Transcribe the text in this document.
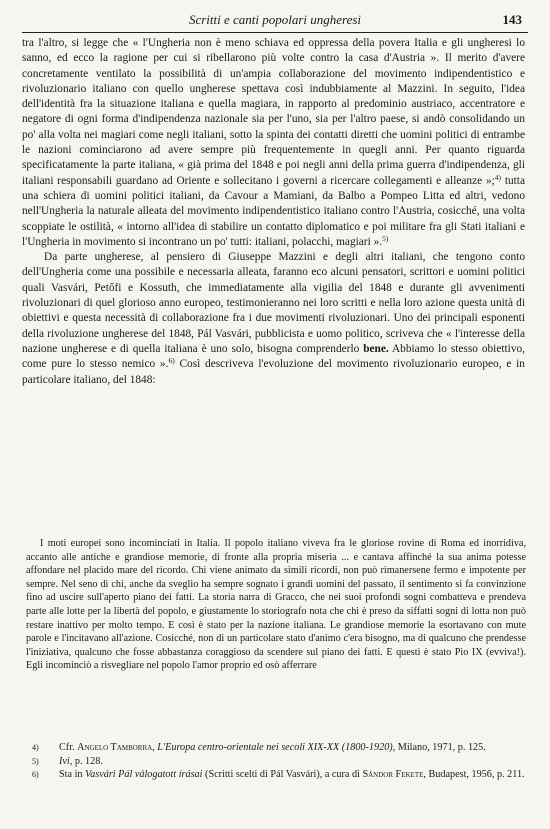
Scritti e canti popolari ungheresi	143

tra l'altro, si legge che « l'Ungheria non è meno schiava ed oppressa della povera Italia e gli ungheresi lo sanno, ed ecco la ragione per cui si ribellarono più volte contro la casa d'Austria ». Il merito d'avere concretamente ventilato la possibilità di un'ampia collaborazione del movimento indipendentistico e rivoluzionario italiano con quello ungherese spettava così indubbiamente al Mazzini. In seguito, l'idea dell'identità fra la situazione italiana e quella magiara, in rapporto al predominio austriaco, accentratore e negatore di ogni forma d'indipendenza nazionale sia per l'uno, sia per l'altro paese, si andò consolidando un po' alla volta nei magiari come negli italiani, sotto la spinta dei contatti diretti che uomini politici di entrambe le nazioni cominciarono ad avere sempre più frequentemente in quegli anni. Per quanto riguarda specificatamente la parte italiana, « già prima del 1848 e poi negli anni della prima guerra d'indipendenza, gli italiani responsabili guardano ad Oriente e sollecitano i governi a ricercare collegamenti e alleanze »;$^{4)}$ tutta una schiera di uomini politici italiani, da Cavour a Mamiani, da Balbo a Pompeo Litta ed altri, vedono nell'Ungheria la naturale alleata del movimento indipendentistico italiano contro l'Austria, cosicché, una volta scoppiate le ostilità, « intorno all'idea di stabilire un contatto diplomatico e poi militare fra gli Stati italiani e l'Ungheria in movimento si incontrano un po' tutti: italiani, polacchi, magiari ».$^{5)}$

Da parte ungherese, al pensiero di Giuseppe Mazzini e degli altri italiani, che tengono conto dell'Ungheria come una possibile e necessaria alleata, faranno eco alcuni pensatori, scrittori e uomini politici quali Vasvári, Petőfi e Kossuth, che immediatamente alla vigilia del 1848 e durante gli avvenimenti rivoluzionari di quel glorioso anno europeo, testimonieranno nei loro scritti e nella loro azione questa unità di obiettivi e questa necessità di collaborazione fra i due movimenti rivoluzionari. Uno dei principali esponenti della rivoluzione ungherese del 1848, Pál Vasvári, pubblicista e uomo politico, scriveva che « l'interesse della nazione ungherese e di quella italiana è uno solo, bisogna comprenderlo bene. Abbiamo lo stesso obiettivo, come pure lo stesso nemico ».$^{6)}$ Così descriveva l'evoluzione del movimento rivoluzionario europeo, e in particolare italiano, del 1848:

I moti europei sono incominciati in Italia. Il popolo italiano viveva fra le gloriose rovine di Roma ed inorridiva, accanto alle antiche e grandiose memorie, di fronte alla propria miseria ... e cantava affinché la sua anima potesse affondare nel placido mare del ricordo. Chi viene animato da simili ricordi, non può rimanersene fermo e impotente per sempre. Nel seno di chi, anche da sveglio ha sempre sognato i grandi uomini del passato, il sentimento si fa convinzione fino ad uscire sull'aperto piano dei fatti. La storia narra di Gracco, che nei suoi profondi sogni combatteva e prendeva parte alle lotte per la libertà del popolo, e giustamente lo storiografo nota che chi è preso da siffatti sogni di lotta non può restare inattivo per molto tempo. E così è stato per la nazione italiana. Le grandiose memorie la esortavano con mute parole e l'incitavano all'azione. Cosicché, non di un particolare stato d'animo c'era bisogno, ma di qualcuno che prendesse l'iniziativa, qualcuno che fosse abbastanza coraggioso da scendere sul piano dei fatti. E questi è stato Pio IX (evviva!). Egli incominciò a risvegliare nel popolo l'amor proprio ed osò afferrare

4) Cfr. Angelo Tamborra, L'Europa centro-orientale nei secoli XIX-XX (1800-1920), Milano, 1971, p. 125.
5) Ivi, p. 128.
6) Sta in Vasvári Pál válogatott írásai (Scritti scelti di Pál Vasvári), a cura di Sándor Fekete, Budapest, 1956, p. 211.
